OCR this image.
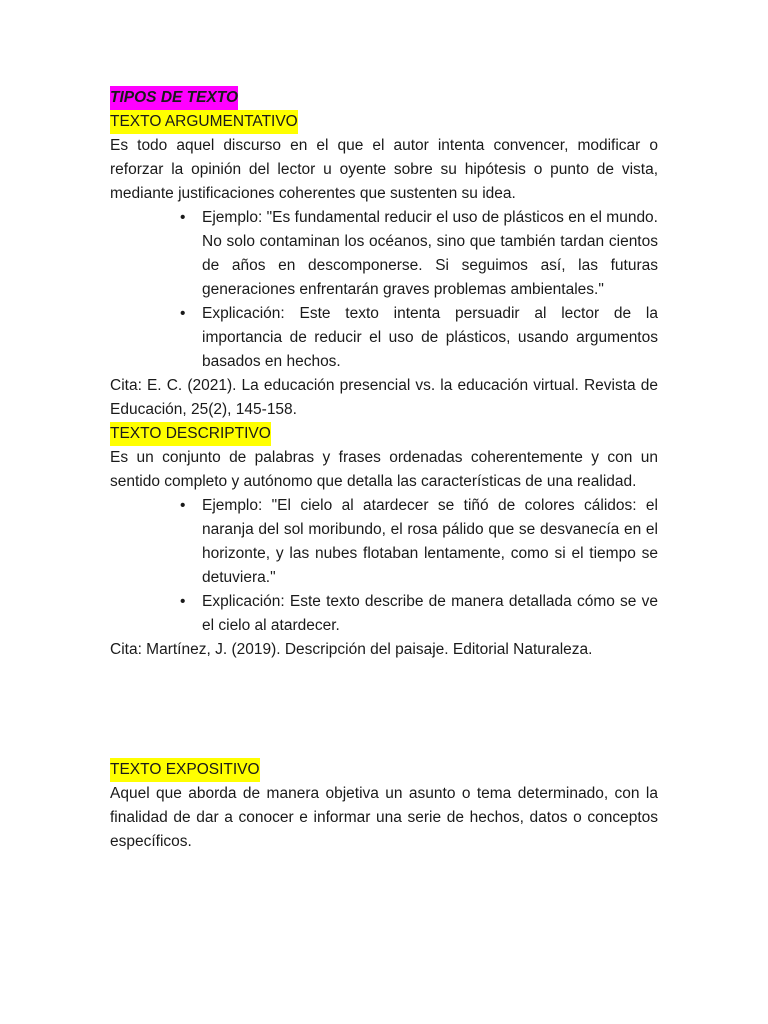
TIPOS DE TEXTO
TEXTO ARGUMENTATIVO

Es todo aquel discurso en el que el autor intenta convencer, modificar o reforzar la opinión del lector u oyente sobre su hipótesis o punto de vista, mediante justificaciones coherentes que sustenten su idea.

• Ejemplo: "Es fundamental reducir el uso de plásticos en el mundo. No solo contaminan los océanos, sino que también tardan cientos de años en descomponerse. Si seguimos así, las futuras generaciones enfrentarán graves problemas ambientales."
• Explicación: Este texto intenta persuadir al lector de la importancia de reducir el uso de plásticos, usando argumentos basados en hechos.

Cita: E. C. (2021). La educación presencial vs. la educación virtual. Revista de Educación, 25(2), 145-158.

TEXTO DESCRIPTIVO

Es un conjunto de palabras y frases ordenadas coherentemente y con un sentido completo y autónomo que detalla las características de una realidad.

• Ejemplo: "El cielo al atardecer se tiñó de colores cálidos: el naranja del sol moribundo, el rosa pálido que se desvanecía en el horizonte, y las nubes flotaban lentamente, como si el tiempo se detuviera."
• Explicación: Este texto describe de manera detallada cómo se ve el cielo al atardecer.

Cita: Martínez, J. (2019). Descripción del paisaje. Editorial Naturaleza.

TEXTO EXPOSITIVO

Aquel que aborda de manera objetiva un asunto o tema determinado, con la finalidad de dar a conocer e informar una serie de hechos, datos o conceptos específicos.
